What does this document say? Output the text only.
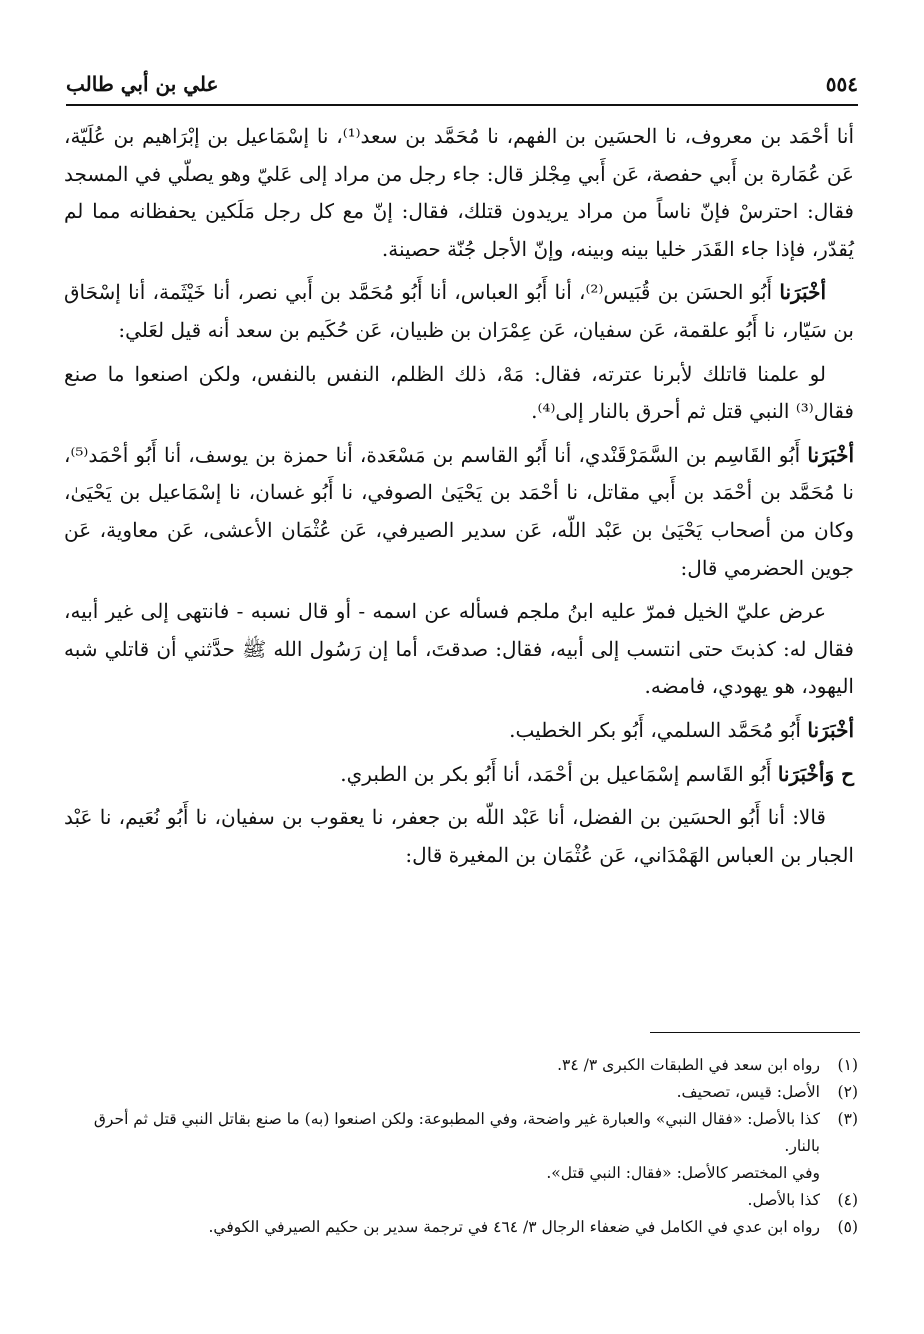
٥٥٤
علي بن أبي طالب

أنا أحْمَد بن معروف، نا الحسَين بن الفهم، نا مُحَمَّد بن سعد⁽¹⁾، نا إسْمَاعيل بن إبْرَاهيم بن عُلَيّة، عَن عُمَارة بن أَبي حفصة، عَن أَبي مِجْلز قال: جاء رجل من مراد إلى عَليّ وهو يصلّي في المسجد فقال: احترسْ فإنّ ناساً من مراد يريدون قتلك، فقال: إنّ مع كل رجل مَلَكين يحفظانه مما لم يُقدّر، فإذا جاء القَدَر خليا بينه وبينه، وإنّ الأجل جُنّة حصينة.

أخْبَرَنا أَبُو الحسَن بن قُبَيس⁽²⁾، أنا أَبُو العباس، أنا أَبُو مُحَمَّد بن أَبي نصر، أنا خَيْثَمة، أنا إسْحَاق بن سَيّار، نا أَبُو علقمة، عَن سفيان، عَن عِمْرَان بن ظبيان، عَن حُكَيم بن سعد أنه قيل لعَلي:

لو علمنا قاتلك لأبرنا عترته، فقال: مَهْ، ذلك الظلم، النفس بالنفس، ولكن اصنعوا ما صنع فقال⁽³⁾ النبي قتل ثم أحرق بالنار إلى⁽⁴⁾.

أخْبَرَنا أَبُو القَاسِم بن السَّمَرْقَنْدي، أنا أَبُو القاسم بن مَسْعَدة، أنا حمزة بن يوسف، أنا أَبُو أحْمَد⁽⁵⁾، نا مُحَمَّد بن أحْمَد بن أَبي مقاتل، نا أحْمَد بن يَحْيَىٰ الصوفي، نا أَبُو غسان، نا إسْمَاعيل بن يَحْيَىٰ، وكان من أصحاب يَحْيَىٰ بن عَبْد اللّه، عَن سدير الصيرفي، عَن عُثْمَان الأعشى، عَن معاوية، عَن جوين الحضرمي قال:

عرض عليّ الخيل فمرّ عليه ابنُ ملجم فسأله عن اسمه - أو قال نسبه - فانتهى إلى غير أبيه، فقال له: كذبتَ حتى انتسب إلى أبيه، فقال: صدقتَ، أما إن رَسُول الله ﷺ حدَّثني أن قاتلي شبه اليهود، هو يهودي، فامضه.

أخْبَرَنا أَبُو مُحَمَّد السلمي، أَبُو بكر الخطيب.

ح وَأخْبَرَنا أَبُو القَاسم إسْمَاعيل بن أحْمَد، أنا أَبُو بكر بن الطبري.

قالا: أنا أَبُو الحسَين بن الفضل، أنا عَبْد اللّه بن جعفر، نا يعقوب بن سفيان، نا أَبُو نُعَيم، نا عَبْد الجبار بن العباس الهَمْدَاني، عَن عُثْمَان بن المغيرة قال:

(١)
رواه ابن سعد في الطبقات الكبرى ٣/ ٣٤.
(٢)
الأصل: قيس، تصحيف.
(٣)
كذا بالأصل: «فقال النبي» والعبارة غير واضحة، وفي المطبوعة: ولكن اصنعوا (به) ما صنع بقاتل النبي قتل ثم أحرق بالنار.
وفي المختصر كالأصل: «فقال: النبي قتل».
(٤)
كذا بالأصل.
(٥)
رواه ابن عدي في الكامل في ضعفاء الرجال ٣/ ٤٦٤ في ترجمة سدير بن حكيم الصيرفي الكوفي.
